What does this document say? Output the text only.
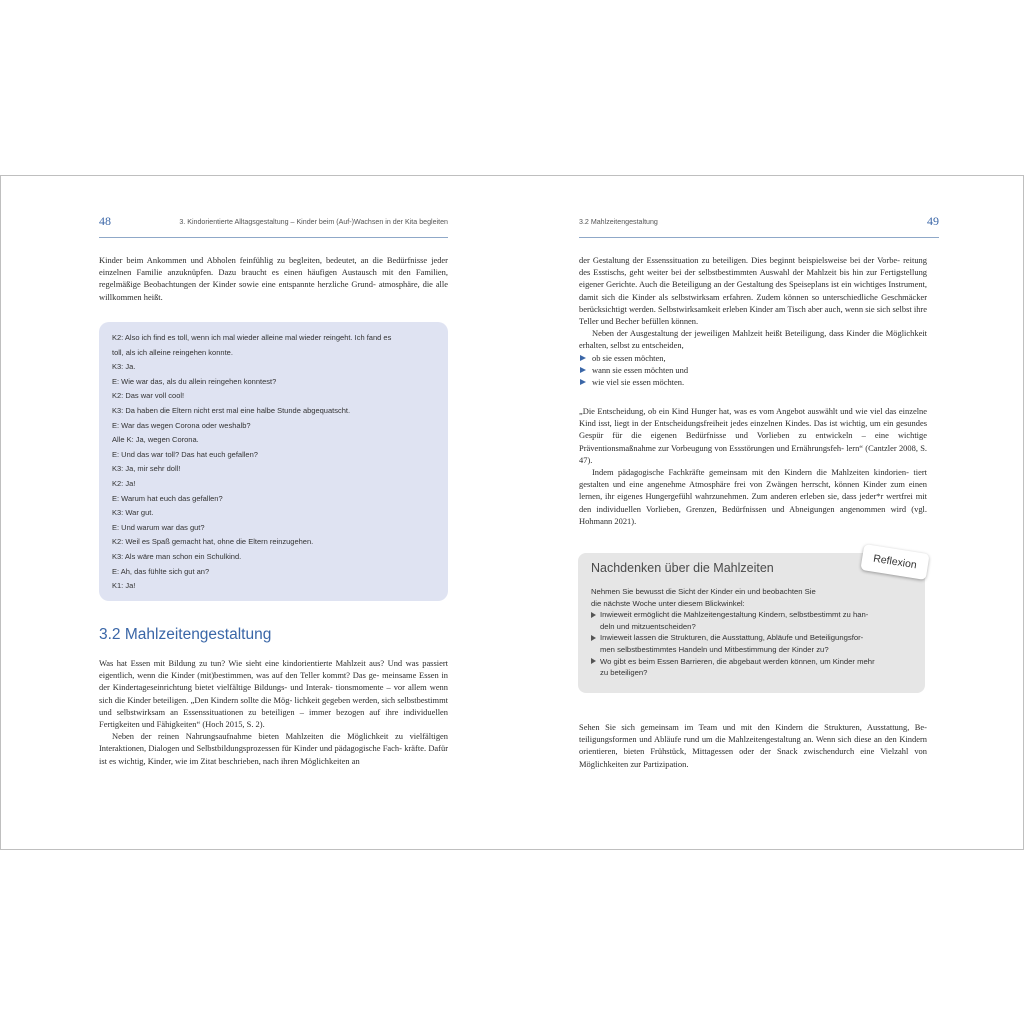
48	3. Kindorientierte Alltagsgestaltung – Kinder beim (Auf-)Wachsen in der Kita begleiten

Kinder beim Ankommen und Abholen feinfühlig zu begleiten, bedeutet, an die Bedürfnisse jeder einzelnen Familie anzuknüpfen. Dazu braucht es einen häufigen Austausch mit den Familien, regelmäßige Beobachtungen der Kinder sowie eine entspannte herzliche Grund- atmosphäre, die alle willkommen heißt.

K2: Also ich find es toll, wenn ich mal wieder alleine mal wieder reingeht. Ich fand es
toll, als ich alleine reingehen konnte.
K3: Ja.
E: Wie war das, als du allein reingehen konntest?
K2: Das war voll cool!
K3: Da haben die Eltern nicht erst mal eine halbe Stunde abgequatscht.
E: War das wegen Corona oder weshalb?
Alle K: Ja, wegen Corona.
E: Und das war toll? Das hat euch gefallen?
K3: Ja, mir sehr doll!
K2: Ja!
E: Warum hat euch das gefallen?
K3: War gut.
E: Und warum war das gut?
K2: Weil es Spaß gemacht hat, ohne die Eltern reinzugehen.
K3: Als wäre man schon ein Schulkind.
E: Ah, das fühlte sich gut an?
K1: Ja!
3.2 Mahlzeitengestaltung

Was hat Essen mit Bildung zu tun? Wie sieht eine kindorientierte Mahlzeit aus? Und was passiert eigentlich, wenn die Kinder (mit)bestimmen, was auf den Teller kommt? Das ge- meinsame Essen in der Kindertageseinrichtung bietet vielfältige Bildungs- und Interak- tionsmomente – vor allem wenn sich die Kinder beteiligen. „Den Kindern sollte die Mög- lichkeit gegeben werden, sich selbstbestimmt und selbstwirksam an Essenssituationen zu beteiligen – immer bezogen auf ihre individuellen Fertigkeiten und Fähigkeiten“ (Hoch 2015, S. 2).

Neben der reinen Nahrungsaufnahme bieten Mahlzeiten die Möglichkeit zu vielfältigen Interaktionen, Dialogen und Selbstbildungsprozessen für Kinder und pädagogische Fach- kräfte. Dafür ist es wichtig, Kinder, wie im Zitat beschrieben, nach ihren Möglichkeiten an

3.2 Mahlzeitengestaltung	49

der Gestaltung der Essenssituation zu beteiligen. Dies beginnt beispielsweise bei der Vorbe- reitung des Esstischs, geht weiter bei der selbstbestimmten Auswahl der Mahlzeit bis hin zur Fertigstellung eigener Gerichte. Auch die Beteiligung an der Gestaltung des Speiseplans ist ein wichtiges Instrument, damit sich die Kinder als selbstwirksam erfahren. Zudem können so unterschiedliche Geschmäcker berücksichtigt werden. Selbstwirksamkeit erleben Kinder am Tisch aber auch, wenn sie sich selbst ihre Teller und Becher befüllen können.

Neben der Ausgestaltung der jeweiligen Mahlzeit heißt Beteiligung, dass Kinder die Möglichkeit erhalten, selbst zu entscheiden,

ob sie essen möchten,
wann sie essen möchten und
wie viel sie essen möchten.

„Die Entscheidung, ob ein Kind Hunger hat, was es vom Angebot auswählt und wie viel das einzelne Kind isst, liegt in der Entscheidungsfreiheit jedes einzelnen Kindes. Das ist wichtig, um ein gesundes Gespür für die eigenen Bedürfnisse und Vorlieben zu entwickeln – eine wichtige Präventionsmaßnahme zur Vorbeugung von Essstörungen und Ernährungsfeh- lern“ (Cantzler 2008, S. 47).

Indem pädagogische Fachkräfte gemeinsam mit den Kindern die Mahlzeiten kindorien- tiert gestalten und eine angenehme Atmosphäre frei von Zwängen herrscht, können Kinder zum einen lernen, ihr eigenes Hungergefühl wahrzunehmen. Zum anderen erleben sie, dass jeder*r wertfrei mit den individuellen Vorlieben, Grenzen, Bedürfnissen und Abneigungen angenommen wird (vgl. Hohmann 2021).

Sehen Sie sich gemeinsam im Team und mit den Kindern die Strukturen, Ausstattung, Be- teiligungsformen und Abläufe rund um die Mahlzeitengestaltung an. Wenn sich diese an den Kindern orientieren, bieten Frühstück, Mittagessen oder der Snack zwischendurch eine Vielzahl von Möglichkeiten zur Partizipation.

Nachdenken über die Mahlzeiten
Nehmen Sie bewusst die Sicht der Kinder ein und beobachten Sie
die nächste Woche unter diesem Blickwinkel:
Inwieweit ermöglicht die Mahlzeitengestaltung Kindern, selbstbestimmt zu han-
deln und mitzuentscheiden?
Inwieweit lassen die Strukturen, die Ausstattung, Abläufe und Beteiligungsfor-
men selbstbestimmtes Handeln und Mitbestimmung der Kinder zu?
Wo gibt es beim Essen Barrieren, die abgebaut werden können, um Kinder mehr
zu beteiligen?
Reflexion
